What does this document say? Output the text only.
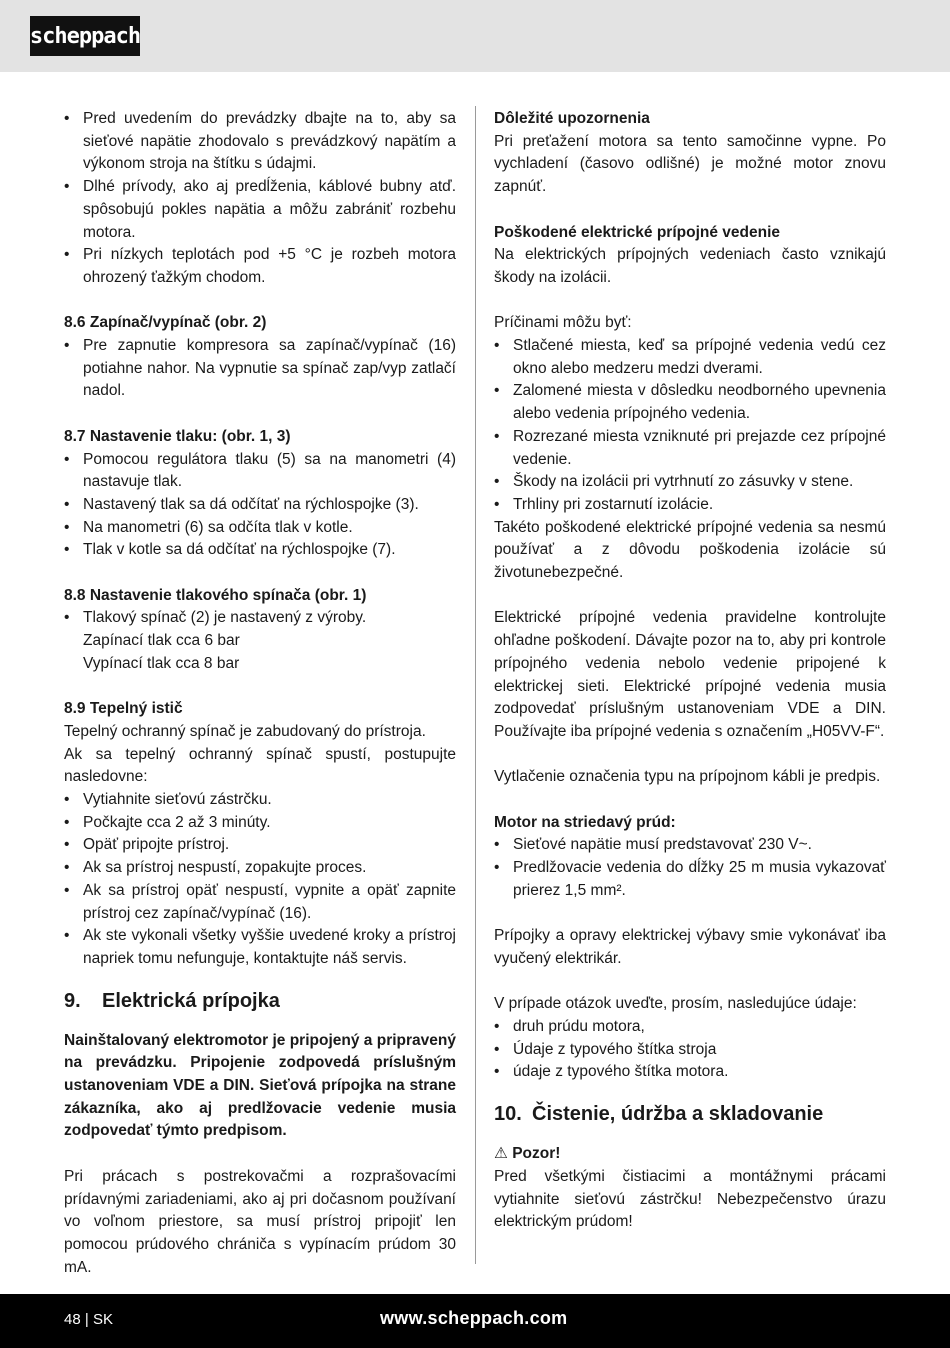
scheppach
• Pred uvedením do prevádzky dbajte na to, aby sa sieťové napätie zhodovalo s prevádzkový napätím a výkonom stroja na štítku s údajmi.
• Dlhé prívody, ako aj predĺženia, káblové bubny atď. spôsobujú pokles napätia a môžu zabrániť rozbehu motora.
• Pri nízkych teplotách pod +5 °C je rozbeh motora ohrozený ťažkým chodom.

8.6 Zapínač/vypínač (obr. 2)

• Pre zapnutie kompresora sa zapínač/vypínač (16) potiahne nahor. Na vypnutie sa spínač zap/vyp zatlačí nadol.

8.7 Nastavenie tlaku: (obr. 1, 3)

• Pomocou regulátora tlaku (5) sa na manometri (4) nastavuje tlak.
• Nastavený tlak sa dá odčítať na rýchlospojke (3).
• Na manometri (6) sa odčíta tlak v kotle.
• Tlak v kotle sa dá odčítať na rýchlospojke (7).

8.8 Nastavenie tlakového spínača (obr. 1)

• Tlakový spínač (2) je nastavený z výroby.

Zapínací tlak cca 6 bar

Vypínací tlak cca 8 bar

8.9 Tepelný istič

Tepelný ochranný spínač je zabudovaný do prístroja.

Ak sa tepelný ochranný spínač spustí, postupujte nasledovne:

• Vytiahnite sieťovú zástrčku.
• Počkajte cca 2 až 3 minúty.
• Opäť pripojte prístroj.
• Ak sa prístroj nespustí, zopakujte proces.
• Ak sa prístroj opäť nespustí, vypnite a opäť zapnite prístroj cez zapínač/vypínač (16).
• Ak ste vykonali všetky vyššie uvedené kroky a prístroj napriek tomu nefunguje, kontaktujte náš servis.
9. Elektrická prípojka

Nainštalovaný elektromotor je pripojený a pripravený na prevádzku. Pripojenie zodpovedá príslušným ustanoveniam VDE a DIN. Sieťová prípojka na strane zákazníka, ako aj predlžovacie vedenie musia zodpovedať týmto predpisom.

Pri prácach s postrekovačmi a rozprašovacími prídavnými zariadeniami, ako aj pri dočasnom používaní vo voľnom priestore, sa musí prístroj pripojiť len pomocou prúdového chrániča s vypínacím prúdom 30 mA.

Dôležité upozornenia

Pri preťažení motora sa tento samočinne vypne. Po vychladení (časovo odlišné) je možné motor znovu zapnúť.

Poškodené elektrické prípojné vedenie

Na elektrických prípojných vedeniach často vznikajú škody na izolácii.

Príčinami môžu byť:

• Stlačené miesta, keď sa prípojné vedenia vedú cez okno alebo medzeru medzi dverami.
• Zalomené miesta v dôsledku neodborného upevnenia alebo vedenia prípojného vedenia.
• Rozrezané miesta vzniknuté pri prejazde cez prípojné vedenie.
• Škody na izolácii pri vytrhnutí zo zásuvky v stene.
• Trhliny pri zostarnutí izolácie.

Takéto poškodené elektrické prípojné vedenia sa nesmú používať a z dôvodu poškodenia izolácie sú životunebezpečné.

Elektrické prípojné vedenia pravidelne kontrolujte ohľadne poškodení. Dávajte pozor na to, aby pri kontrole prípojného vedenia nebolo vedenie pripojené k elektrickej sieti. Elektrické prípojné vedenia musia zodpovedať príslušným ustanoveniam VDE a DIN. Používajte iba prípojné vedenia s označením „H05VV-F“.

Vytlačenie označenia typu na prípojnom kábli je predpis.

Motor na striedavý prúd:

• Sieťové napätie musí predstavovať 230 V~.
• Predlžovacie vedenia do dĺžky 25 m musia vykazovať prierez 1,5 mm².

Prípojky a opravy elektrickej výbavy smie vykonávať iba vyučený elektrikár.

V prípade otázok uveďte, prosím, nasledujúce údaje:

• druh prúdu motora,
• Údaje z typového štítka stroja
• údaje z typového štítka motora.
10. Čistenie, údržba a skladovanie

⚠ Pozor!

Pred všetkými čistiacimi a montážnymi prácami vytiahnite sieťovú zástrčku! Nebezpečenstvo úrazu elektrickým prúdom!

48 | SK	www.scheppach.com
